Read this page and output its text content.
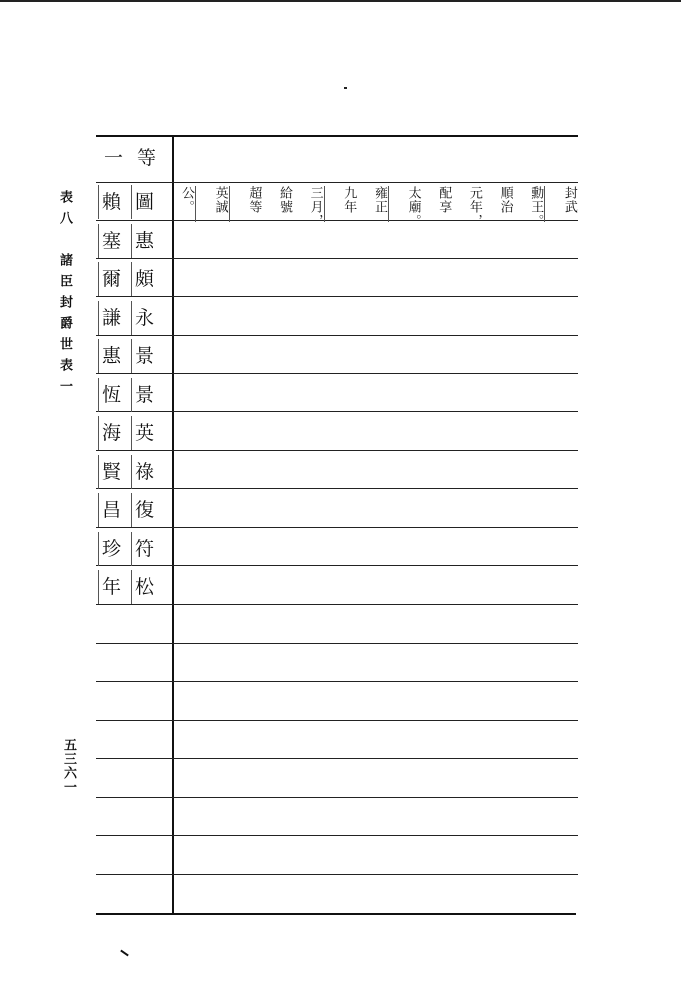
表八　諸臣封爵世表一
五三六一
一等
賴 圖
塞 惠
爾 頗
謙 永
惠 景
恆 景
海 英
賢 祿
昌 復
珍 符
年 松
封武
勳王。
順治
元年，
配享
太廟。
雍正
九年
三月，
給號
超等
英誠
公。
